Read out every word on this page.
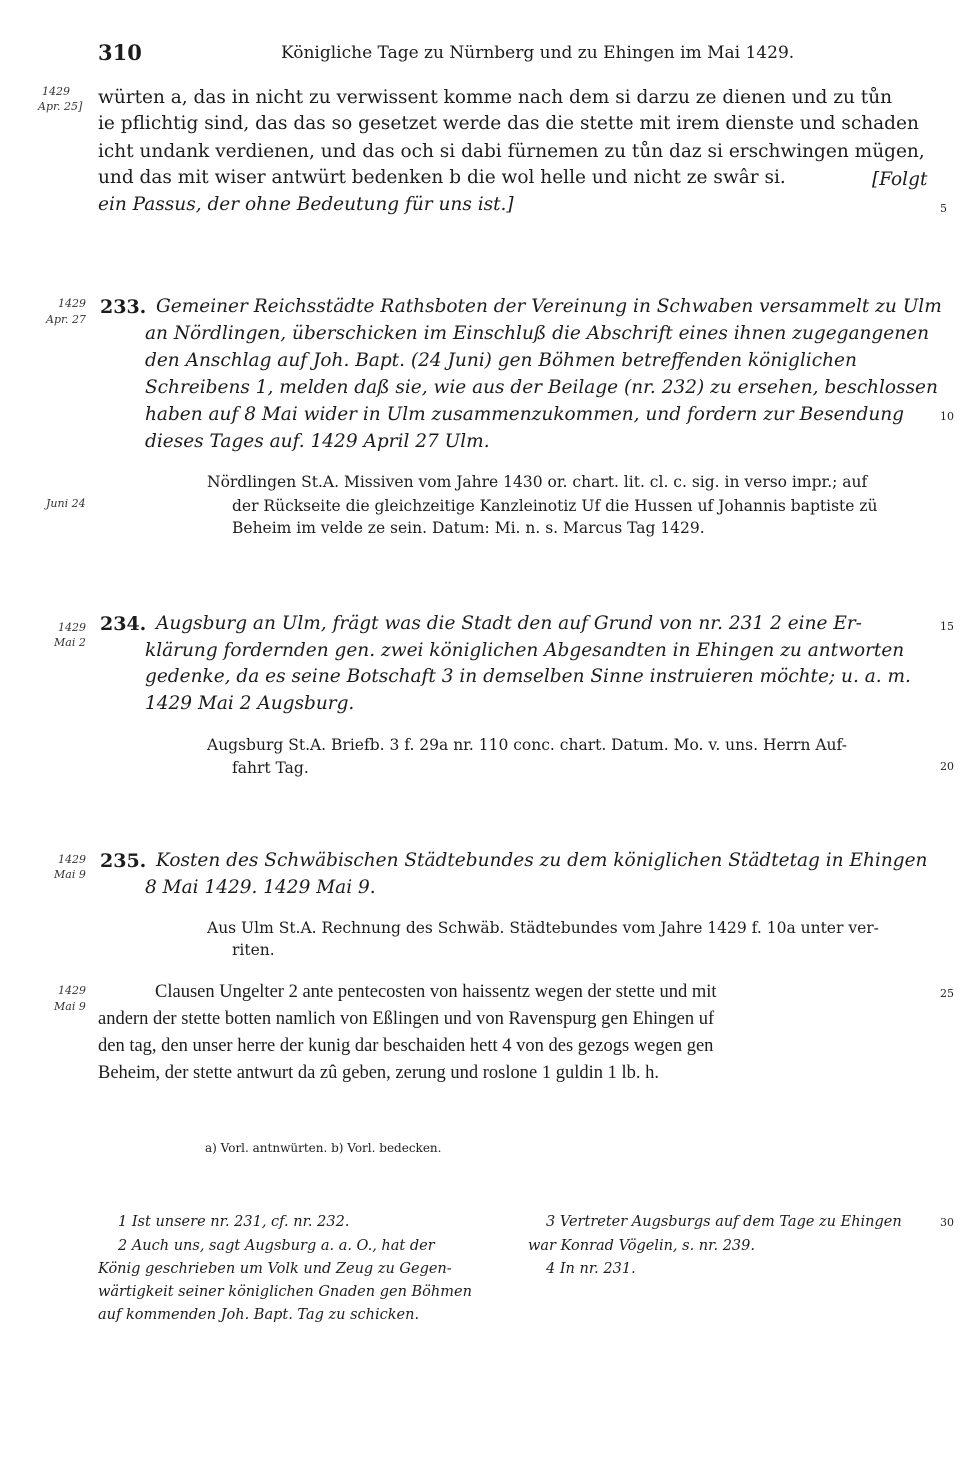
310	Königliche Tage zu Nürnberg und zu Ehingen im Mai 1429.
1429
Apr. 25] würten a, das in nicht zu verwissent komme nach dem si darzu ze dienen und zu tůn
ie pflichtig sind, das das so gesetzet werde das die stette mit irem dienste und schaden
icht undank verdienen, und das och si dabi fürnemen zu tůn daz si erschwingen mügen,
und das mit wiser antwürt bedenken b die wol helle und nicht ze swâr si.	[Folgt
ein Passus, der ohne Bedeutung für uns ist.]
1429
Apr. 27
233. Gemeiner Reichsstädte Rathsboten der Vereinung in Schwaben versammelt zu Ulm
an Nördlingen, überschicken im Einschluß die Abschrift eines ihnen zugegangenen
den Anschlag auf Joh. Bapt. (24 Juni) gen Böhmen betreffenden königlichen
Schreibens 1, melden daß sie, wie aus der Beilage (nr. 232) zu ersehen, beschlossen
haben auf 8 Mai wider in Ulm zusammenzukommen, und fordern zur Besendung
dieses Tages auf. 1429 April 27 Ulm.
Juni 24
Nördlingen St.A. Missiven vom Jahre 1430 or. chart. lit. cl. c. sig. in verso impr.; auf
der Rückseite die gleichzeitige Kanzleinotiz Uf die Hussen uf Johannis baptiste zü
Beheim im velde ze sein. Datum: Mi. n. s. Marcus Tag 1429.
1429
Mai 2
234. Augsburg an Ulm, frägt was die Stadt den auf Grund von nr. 231 2 eine Er-
klärung fordernden gen. zwei königlichen Abgesandten in Ehingen zu antworten
gedenke, da es seine Botschaft 3 in demselben Sinne instruieren möchte; u. a. m.
1429 Mai 2 Augsburg.
Augsburg St.A. Briefb. 3 f. 29a nr. 110 conc. chart. Datum. Mo. v. uns. Herrn Auf-
fahrt Tag.
1429
Mai 9
235. Kosten des Schwäbischen Städtebundes zu dem königlichen Städtetag in Ehingen
8 Mai 1429. 1429 Mai 9.
Aus Ulm St.A. Rechnung des Schwäb. Städtebundes vom Jahre 1429 f. 10a unter ver-
riten.
1429
Mai 9
Clausen Ungelter 2 ante pentecosten von haissentz wegen der stette und mit
andern der stette botten namlich von Eßlingen und von Ravenspurg gen Ehingen uf
den tag, den unser herre der kunig dar beschaiden hett 4 von des gezogs wegen gen
Beheim, der stette antwurt da zû geben, zerung und roslone 1 guldin 1 lb. h.
a) Vorl. antnwürten. b) Vorl. bedecken.
1 Ist unsere nr. 231, cf. nr. 232.
2 Auch uns, sagt Augsburg a. a. O., hat der
König geschrieben um Volk und Zeug zu Gegen-
wärtigkeit seiner königlichen Gnaden gen Böhmen
auf kommenden Joh. Bapt. Tag zu schicken.
3 Vertreter Augsburgs auf dem Tage zu Ehingen
war Konrad Vögelin, s. nr. 239.
4 In nr. 231.
5
10
15
20
25
30
